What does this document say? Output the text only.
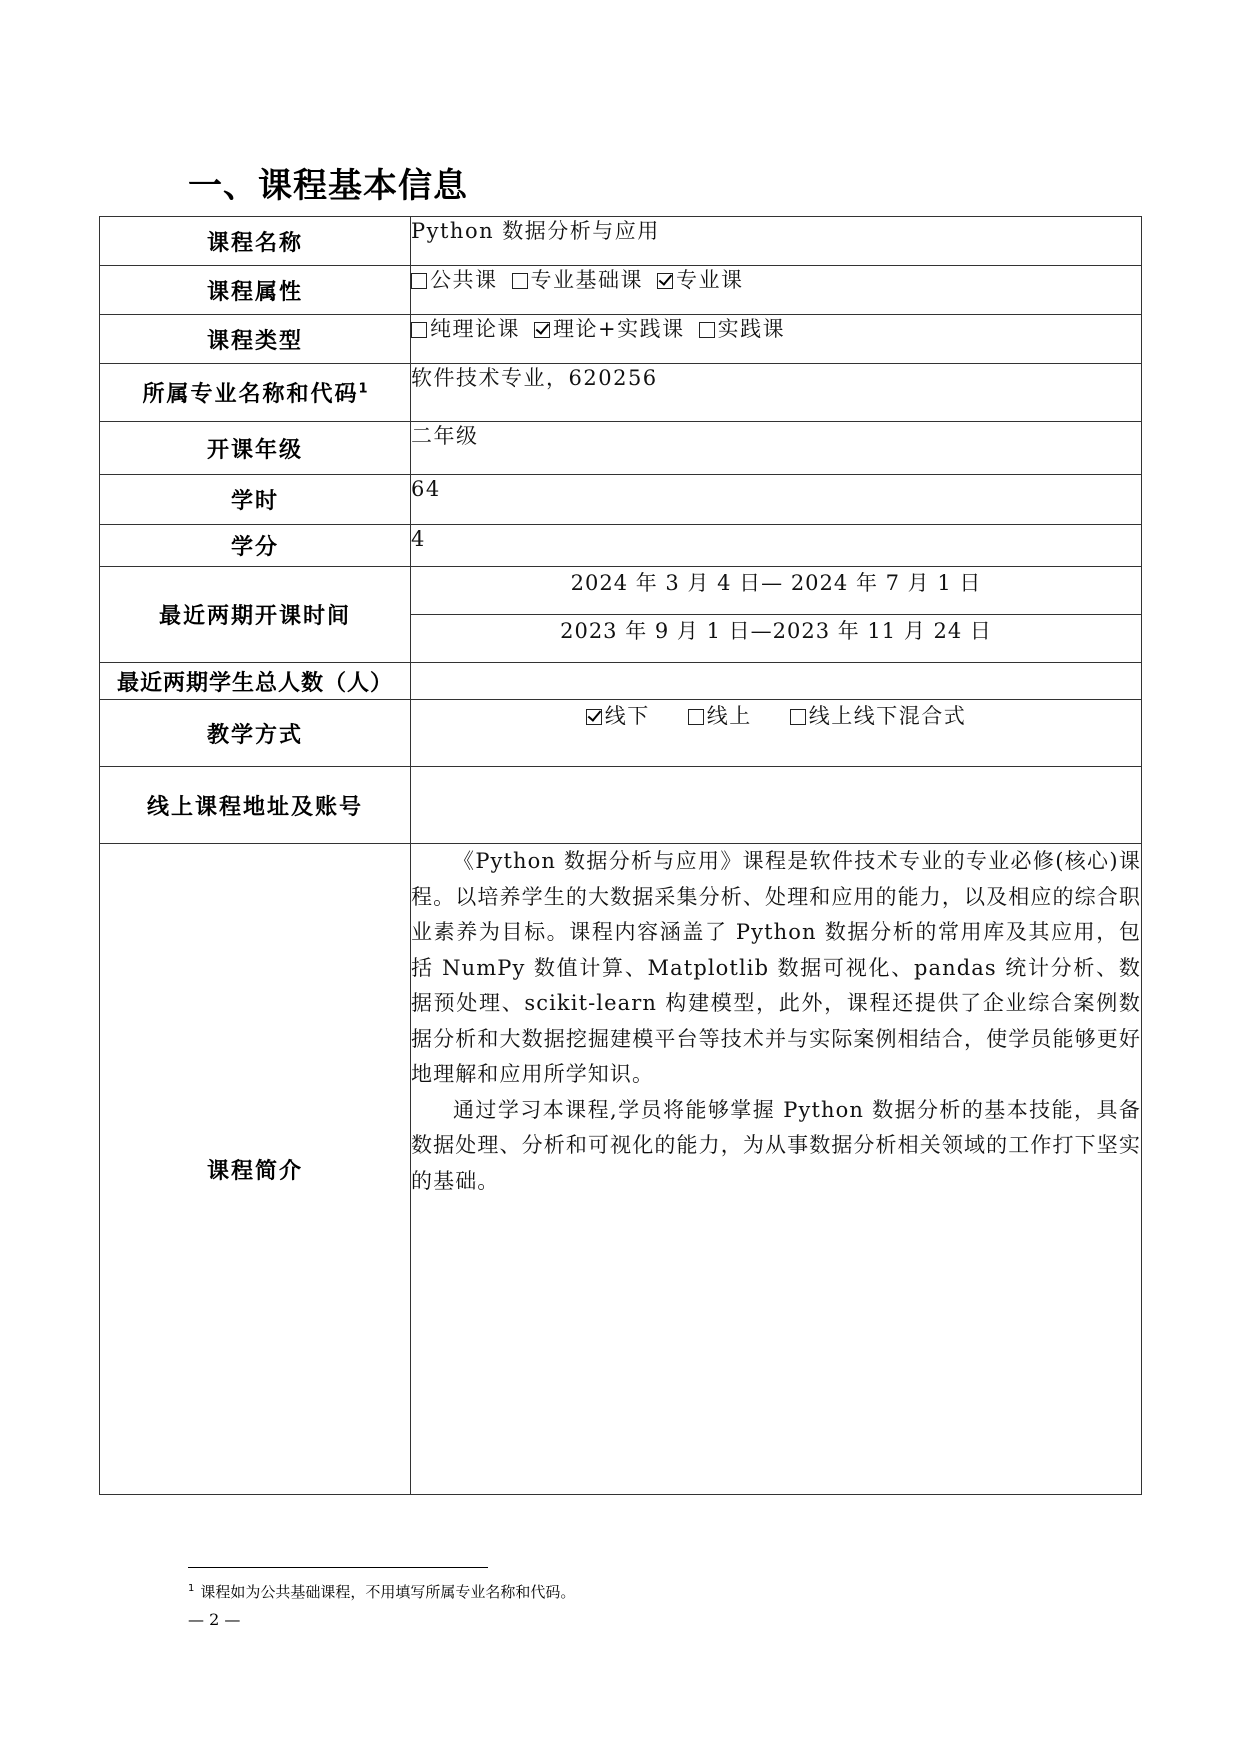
一、课程基本信息
课程名称	Python 数据分析与应用
课程属性	公共课 专业基础课 专业课
课程类型	纯理论课 理论+实践课 实践课
所属专业名称和代码$^1$	软件技术专业，620256
开课年级	二年级
学时	64
学分	4
最近两期开课时间	2024 年 3 月 4 日— 2024 年 7 月 1 日
	2023 年 9 月 1 日—2023 年 11 月 24 日
最近两期学生总人数（人）	
教学方式	线下 线上 线上线下混合式
线上课程地址及账号	
课程简介	《Python 数据分析与应用》课程是软件技术专业的专业必修(核心)课程。以培养学生的大数据采集分析、处理和应用的能力，以及相应的综合职业素养为目标。课程内容涵盖了 Python 数据分析的常用库及其应用，包括 NumPy 数值计算、Matplotlib 数据可视化、pandas 统计分析、数据预处理、scikit-learn 构建模型，此外，课程还提供了企业综合案例数据分析和大数据挖掘建模平台等技术并与实际案例相结合，使学员能够更好地理解和应用所学知识。

通过学习本课程,学员将能够掌握 Python 数据分析的基本技能，具备数据处理、分析和可视化的能力，为从事数据分析相关领域的工作打下坚实的基础。

$^1$ 课程如为公共基础课程，不用填写所属专业名称和代码。
— 2 —
